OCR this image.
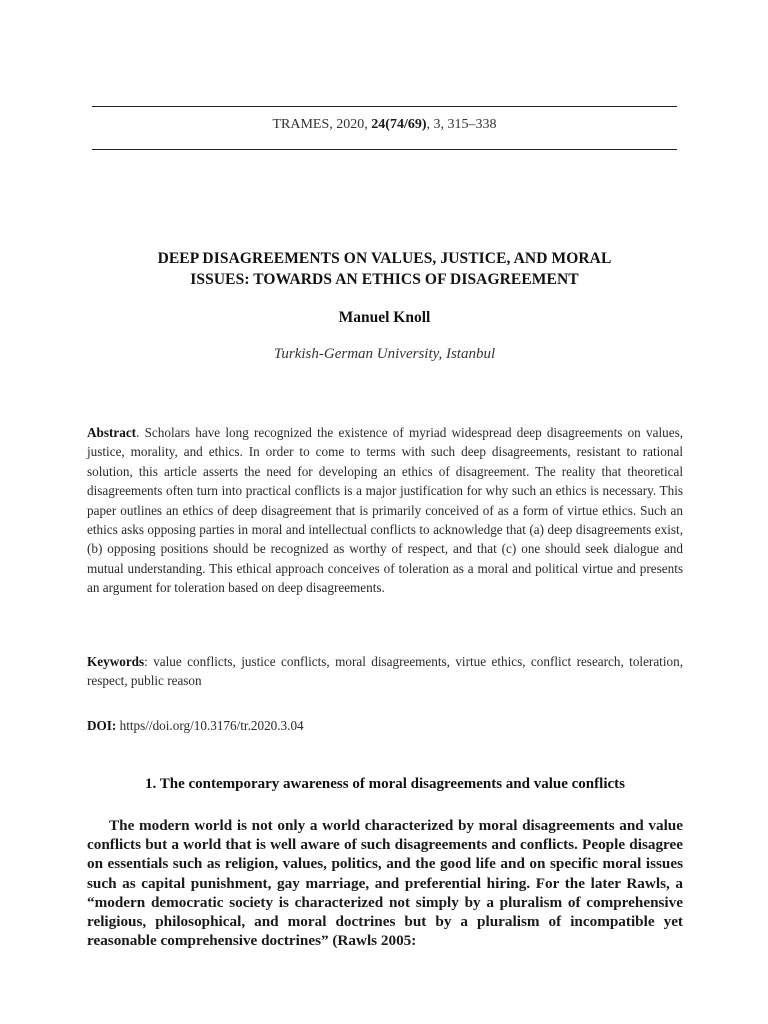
TRAMES, 2020, 24(74/69), 3, 315–338
DEEP DISAGREEMENTS ON VALUES, JUSTICE, AND MORAL
ISSUES: TOWARDS AN ETHICS OF DISAGREEMENT
Manuel Knoll
Turkish-German University, Istanbul
Abstract. Scholars have long recognized the existence of myriad widespread deep disagreements on values, justice, morality, and ethics. In order to come to terms with such deep disagreements, resistant to rational solution, this article asserts the need for developing an ethics of disagreement. The reality that theoretical disagreements often turn into practical conflicts is a major justification for why such an ethics is necessary. This paper outlines an ethics of deep disagreement that is primarily conceived of as a form of virtue ethics. Such an ethics asks opposing parties in moral and intellectual conflicts to acknowledge that (a) deep disagreements exist, (b) opposing positions should be recognized as worthy of respect, and that (c) one should seek dialogue and mutual understanding. This ethical approach conceives of toleration as a moral and political virtue and presents an argument for toleration based on deep disagreements.
Keywords: value conflicts, justice conflicts, moral disagreements, virtue ethics, conflict research, toleration, respect, public reason
DOI: https//doi.org/10.3176/tr.2020.3.04
1. The contemporary awareness of moral disagreements and value conflicts
The modern world is not only a world characterized by moral disagreements and value conflicts but a world that is well aware of such disagreements and conflicts. People disagree on essentials such as religion, values, politics, and the good life and on specific moral issues such as capital punishment, gay marriage, and preferential hiring. For the later Rawls, a “modern democratic society is characterized not simply by a pluralism of comprehensive religious, philosophical, and moral doctrines but by a pluralism of incompatible yet reasonable comprehensive doctrines” (Rawls 2005:
